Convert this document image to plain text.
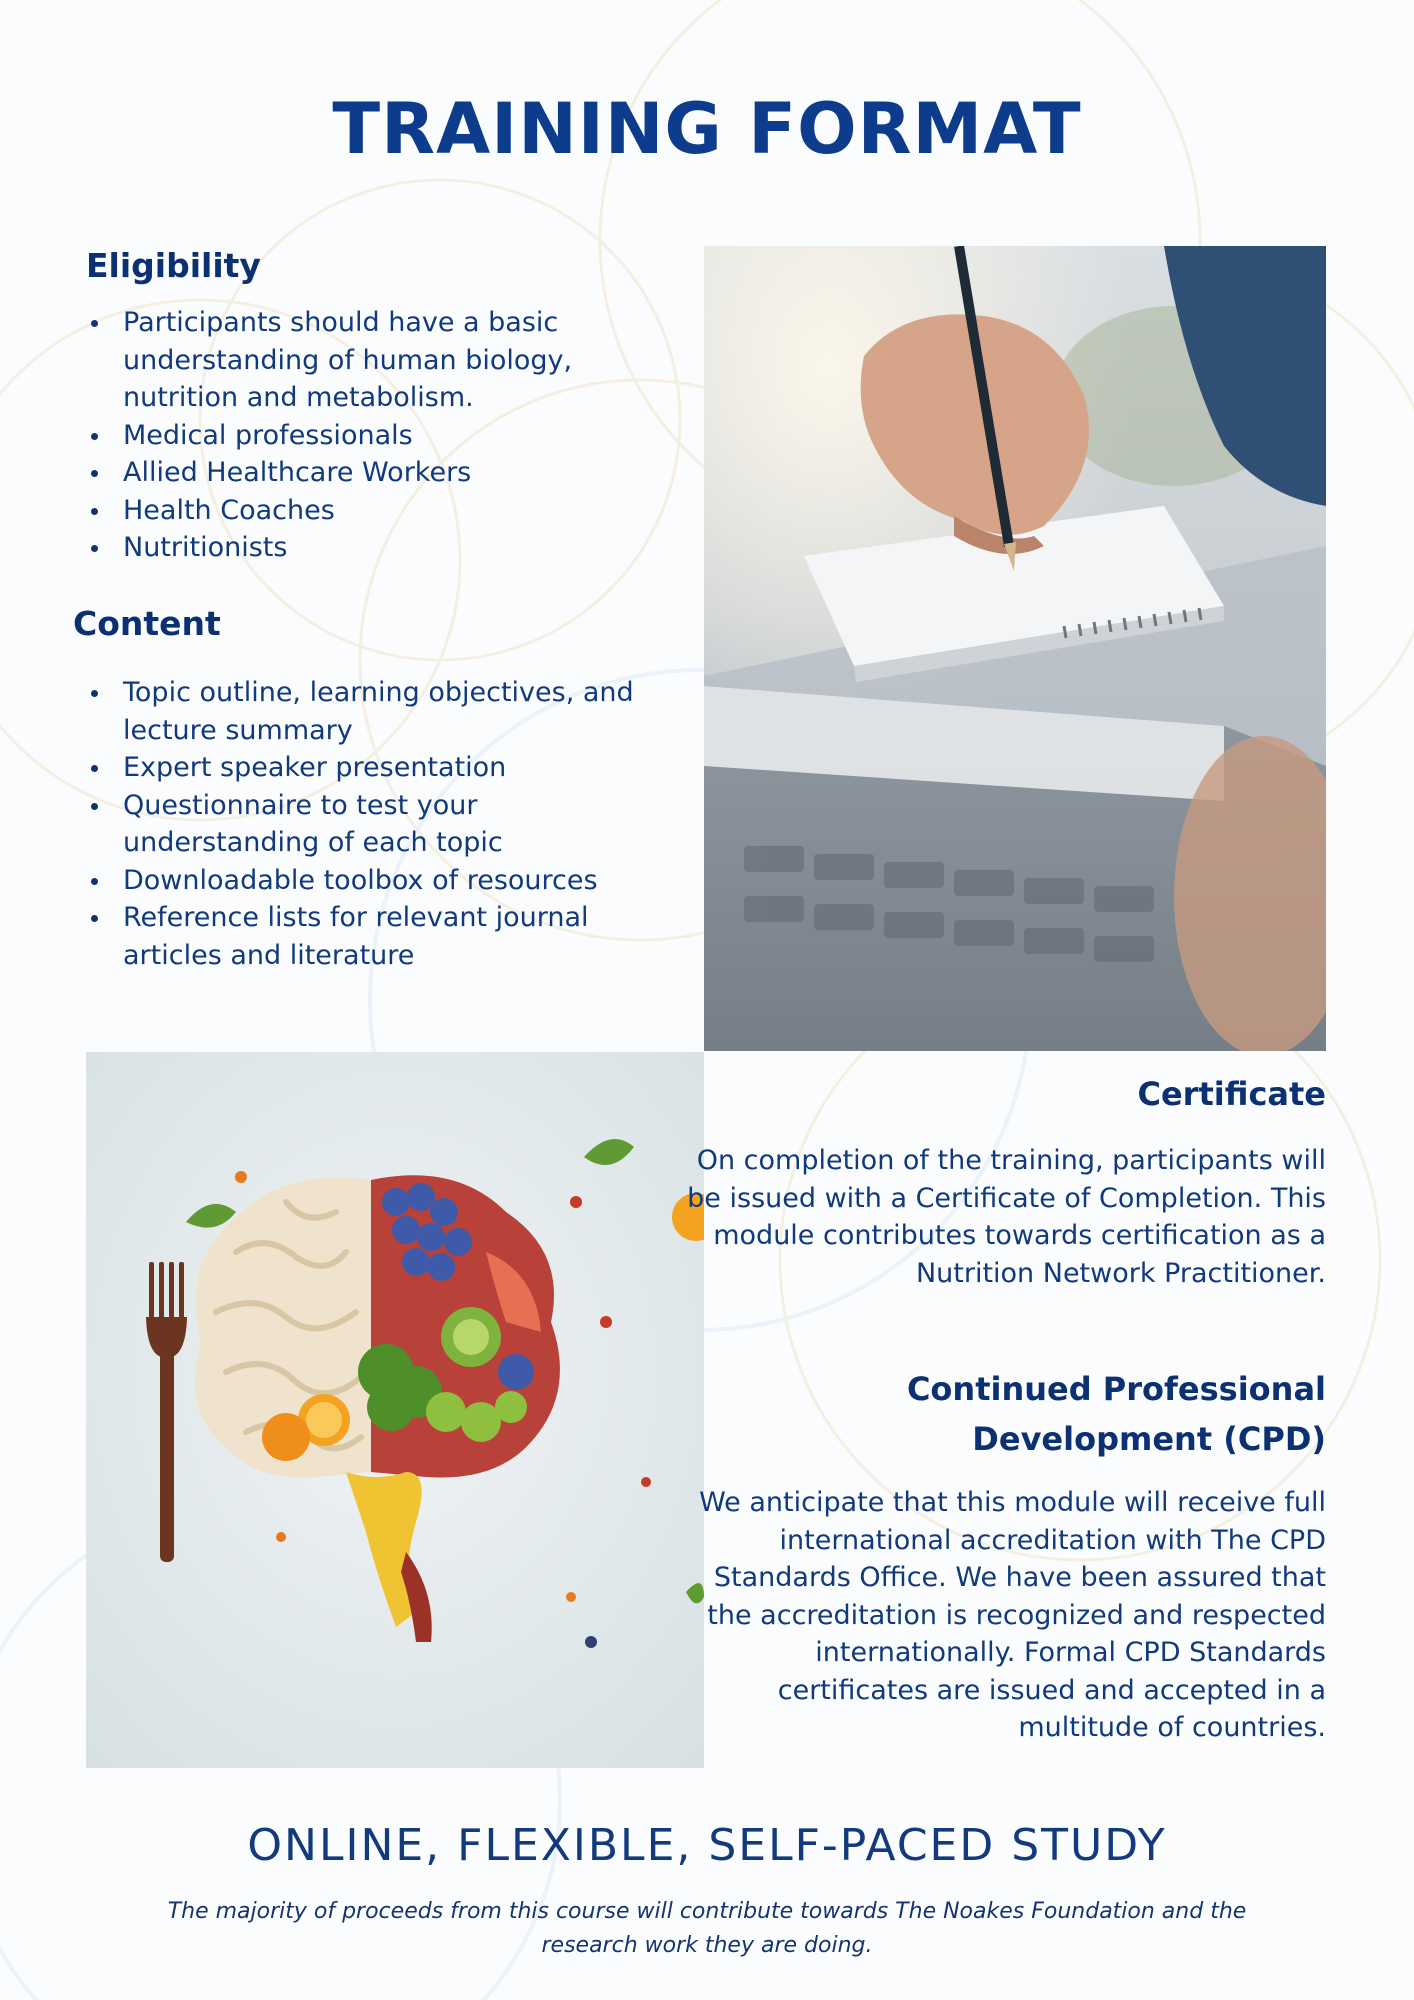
TRAINING FORMAT
Eligibility
Participants should have a basic understanding of human biology, nutrition and metabolism.
Medical professionals
Allied Healthcare Workers
Health Coaches
Nutritionists
Content
Topic outline, learning objectives, and lecture summary
Expert speaker presentation
Questionnaire to test your understanding of each topic
Downloadable toolbox of resources
Reference lists for relevant journal articles and literature
Certificate

On completion of the training, participants will be issued with a Certificate of Completion. This module contributes towards certification as a Nutrition Network Practitioner.

Continued Professional Development (CPD)

We anticipate that this module will receive full international accreditation with The CPD Standards Office. We have been assured that the accreditation is recognized and respected internationally. Formal CPD Standards certificates are issued and accepted in a multitude of countries.

ONLINE, FLEXIBLE, SELF-PACED STUDY

The majority of proceeds from this course will contribute towards The Noakes Foundation and the research work they are doing.
